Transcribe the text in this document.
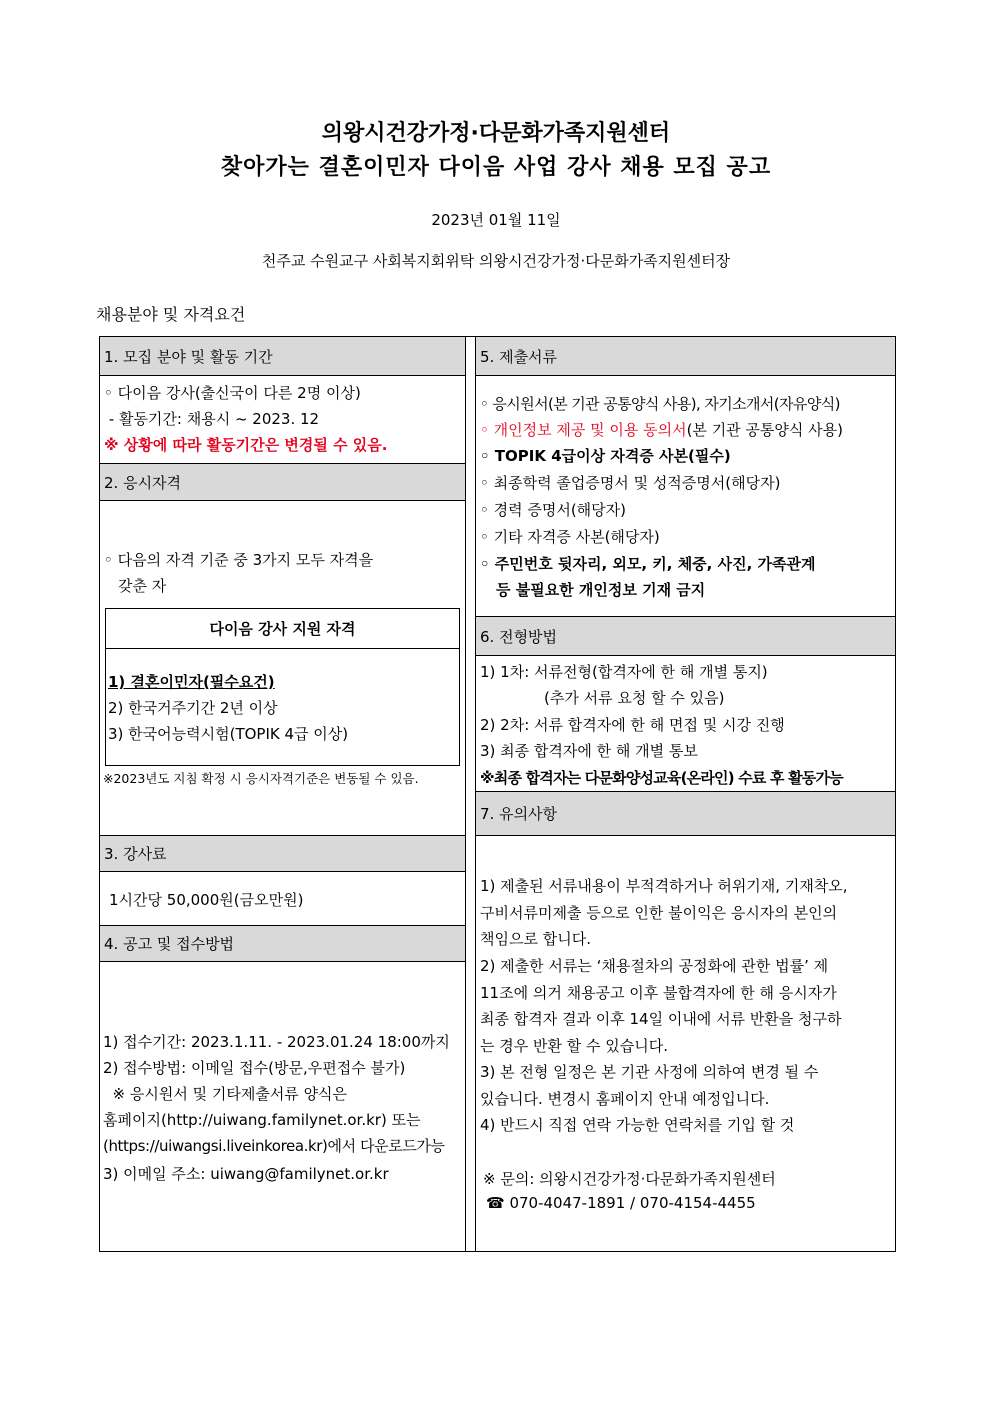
의왕시건강가정·다문화가족지원센터
찾아가는 결혼이민자 다이음 사업 강사 채용 모집 공고
2023년 01월 11일
천주교 수원교구 사회복지회위탁 의왕시건강가정·다문화가족지원센터장
채용분야 및 자격요건
1. 모집 분야 및 활동 기간
◦ 다이음 강사(출신국이 다른 2명 이상)
- 활동기간: 채용시 ~ 2023. 12
※ 상황에 따라 활동기간은 변경될 수 있음.
2. 응시자격
◦ 다음의 자격 기준 중 3가지 모두 자격을
갖춘 자
다이음 강사 지원 자격
1) 결혼이민자(필수요건)
2) 한국거주기간 2년 이상
3) 한국어능력시험(TOPIK 4급 이상)
※2023년도 지침 확정 시 응시자격기준은 변동될 수 있음.
3. 강사료
1시간당 50,000원(금오만원)
4. 공고 및 접수방법
1) 접수기간: 2023.1.11. - 2023.01.24 18:00까지
2) 접수방법: 이메일 접수(방문,우편접수 불가)
※ 응시원서 및 기타제출서류 양식은
홈페이지(http://uiwang.familynet.or.kr) 또는
(https://uiwangsi.liveinkorea.kr)에서 다운로드가능
3) 이메일 주소: uiwang@familynet.or.kr
5. 제출서류
◦ 응시원서(본 기관 공통양식 사용), 자기소개서(자유양식)
◦ 개인정보 제공 및 이용 동의서(본 기관 공통양식 사용)
◦ TOPIK 4급이상 자격증 사본(필수)
◦ 최종학력 졸업증명서 및 성적증명서(해당자)
◦ 경력 증명서(해당자)
◦ 기타 자격증 사본(해당자)
◦ 주민번호 뒷자리, 외모, 키, 체중, 사진, 가족관계
등 불필요한 개인정보 기재 금지
6. 전형방법
1) 1차: 서류전형(합격자에 한 해 개별 통지)
(추가 서류 요청 할 수 있음)
2) 2차: 서류 합격자에 한 해 면접 및 시강 진행
3) 최종 합격자에 한 해 개별 통보
※최종 합격자는 다문화양성교육(온라인) 수료 후 활동가능
7. 유의사항
1) 제출된 서류내용이 부적격하거나 허위기재, 기재착오,
구비서류미제출 등으로 인한 불이익은 응시자의 본인의
책임으로 합니다.
2) 제출한 서류는 ‘채용절차의 공정화에 관한 법률’ 제
11조에 의거 채용공고 이후 불합격자에 한 해 응시자가
최종 합격자 결과 이후 14일 이내에 서류 반환을 청구하
는 경우 반환 할 수 있습니다.
3) 본 전형 일정은 본 기관 사정에 의하여 변경 될 수
있습니다. 변경시 홈페이지 안내 예정입니다.
4) 반드시 직접 연락 가능한 연락처를 기입 할 것
※ 문의: 의왕시건강가정·다문화가족지원센터
☎ 070-4047-1891 / 070-4154-4455
